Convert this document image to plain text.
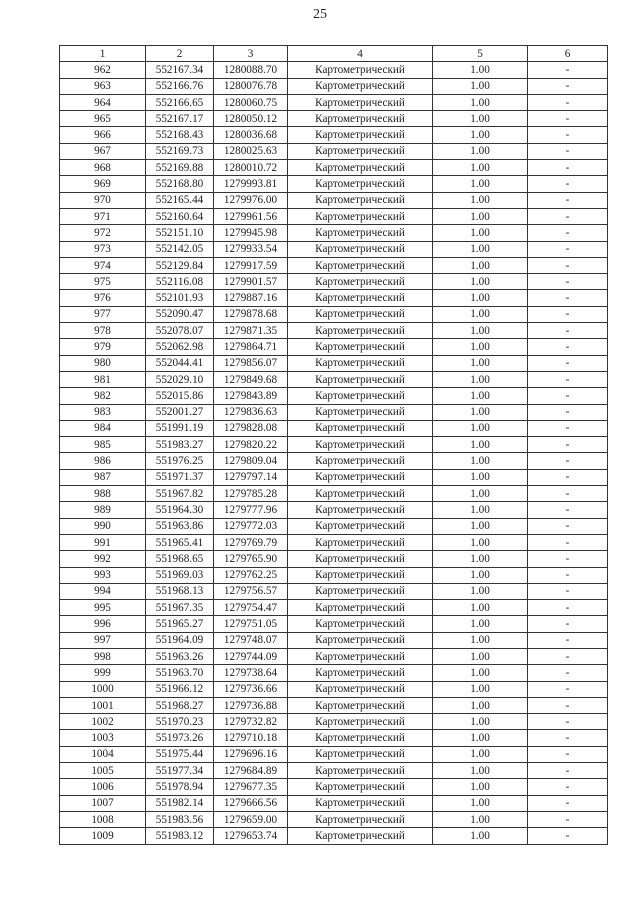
25
1	2	3	4	5	6
962	552167.34	1280088.70	Картометрический	1.00	-
963	552166.76	1280076.78	Картометрический	1.00	-
964	552166.65	1280060.75	Картометрический	1.00	-
965	552167.17	1280050.12	Картометрический	1.00	-
966	552168.43	1280036.68	Картометрический	1.00	-
967	552169.73	1280025.63	Картометрический	1.00	-
968	552169.88	1280010.72	Картометрический	1.00	-
969	552168.80	1279993.81	Картометрический	1.00	-
970	552165.44	1279976.00	Картометрический	1.00	-
971	552160.64	1279961.56	Картометрический	1.00	-
972	552151.10	1279945.98	Картометрический	1.00	-
973	552142.05	1279933.54	Картометрический	1.00	-
974	552129.84	1279917.59	Картометрический	1.00	-
975	552116.08	1279901.57	Картометрический	1.00	-
976	552101.93	1279887.16	Картометрический	1.00	-
977	552090.47	1279878.68	Картометрический	1.00	-
978	552078.07	1279871.35	Картометрический	1.00	-
979	552062.98	1279864.71	Картометрический	1.00	-
980	552044.41	1279856.07	Картометрический	1.00	-
981	552029.10	1279849.68	Картометрический	1.00	-
982	552015.86	1279843.89	Картометрический	1.00	-
983	552001.27	1279836.63	Картометрический	1.00	-
984	551991.19	1279828.08	Картометрический	1.00	-
985	551983.27	1279820.22	Картометрический	1.00	-
986	551976.25	1279809.04	Картометрический	1.00	-
987	551971.37	1279797.14	Картометрический	1.00	-
988	551967.82	1279785.28	Картометрический	1.00	-
989	551964.30	1279777.96	Картометрический	1.00	-
990	551963.86	1279772.03	Картометрический	1.00	-
991	551965.41	1279769.79	Картометрический	1.00	-
992	551968.65	1279765.90	Картометрический	1.00	-
993	551969.03	1279762.25	Картометрический	1.00	-
994	551968.13	1279756.57	Картометрический	1.00	-
995	551967.35	1279754.47	Картометрический	1.00	-
996	551965.27	1279751.05	Картометрический	1.00	-
997	551964.09	1279748.07	Картометрический	1.00	-
998	551963.26	1279744.09	Картометрический	1.00	-
999	551963.70	1279738.64	Картометрический	1.00	-
1000	551966.12	1279736.66	Картометрический	1.00	-
1001	551968.27	1279736.88	Картометрический	1.00	-
1002	551970.23	1279732.82	Картометрический	1.00	-
1003	551973.26	1279710.18	Картометрический	1.00	-
1004	551975.44	1279696.16	Картометрический	1.00	-
1005	551977.34	1279684.89	Картометрический	1.00	-
1006	551978.94	1279677.35	Картометрический	1.00	-
1007	551982.14	1279666.56	Картометрический	1.00	-
1008	551983.56	1279659.00	Картометрический	1.00	-
1009	551983.12	1279653.74	Картометрический	1.00	-
